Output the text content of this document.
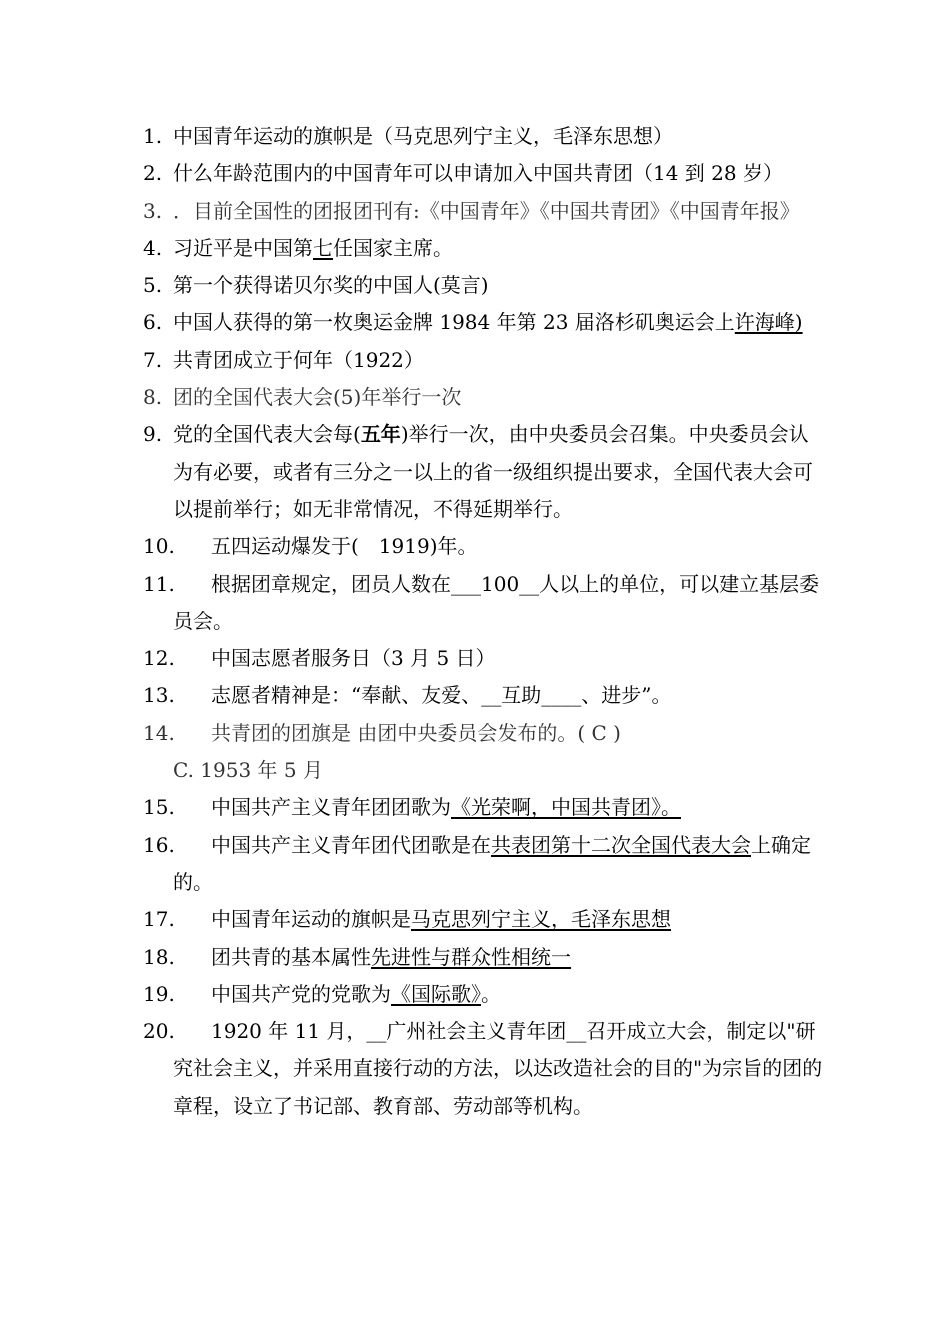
1. 中国青年运动的旗帜是（马克思列宁主义，毛泽东思想）
2. 什么年龄范围内的中国青年可以申请加入中国共青团（14 到 28 岁）
3. ．目前全国性的团报团刊有:《中国青年》《中国共青团》《中国青年报》
4. 习近平是中国第七任国家主席。
5. 第一个获得诺贝尔奖的中国人(莫言)
6. 中国人获得的第一枚奥运金牌 1984 年第 23 届洛杉矶奥运会上许海峰)
7. 共青团成立于何年（1922）
8. 团的全国代表大会(5)年举行一次
9. 党的全国代表大会每(五年)举行一次，由中央委员会召集。中央委员会认为有必要，或者有三分之一以上的省一级组织提出要求，全国代表大会可以提前举行；如无非常情况，不得延期举行。
10.	五四运动爆发于(　1919)年。
11.	根据团章规定，团员人数在___100__人以上的单位，可以建立基层委员会。
12.	中国志愿者服务日（3 月 5 日）
13.	志愿者精神是：“奉献、友爱、__互助____、进步”。
14.	共青团的团旗是 由团中央委员会发布的。( C )
C. 1953 年 5 月
15.	中国共产主义青年团团歌为《光荣啊，中国共青团》。
16.	中国共产主义青年团代团歌是在共表团第十二次全国代表大会上确定的。
17.	中国青年运动的旗帜是马克思列宁主义，毛泽东思想
18.	团共青的基本属性先进性与群众性相统一
19.	中国共产党的党歌为《国际歌》。
20.	1920 年 11 月，__广州社会主义青年团__召开成立大会，制定以"研究社会主义，并采用直接行动的方法，以达改造社会的目的"为宗旨的团的章程，设立了书记部、教育部、劳动部等机构。
